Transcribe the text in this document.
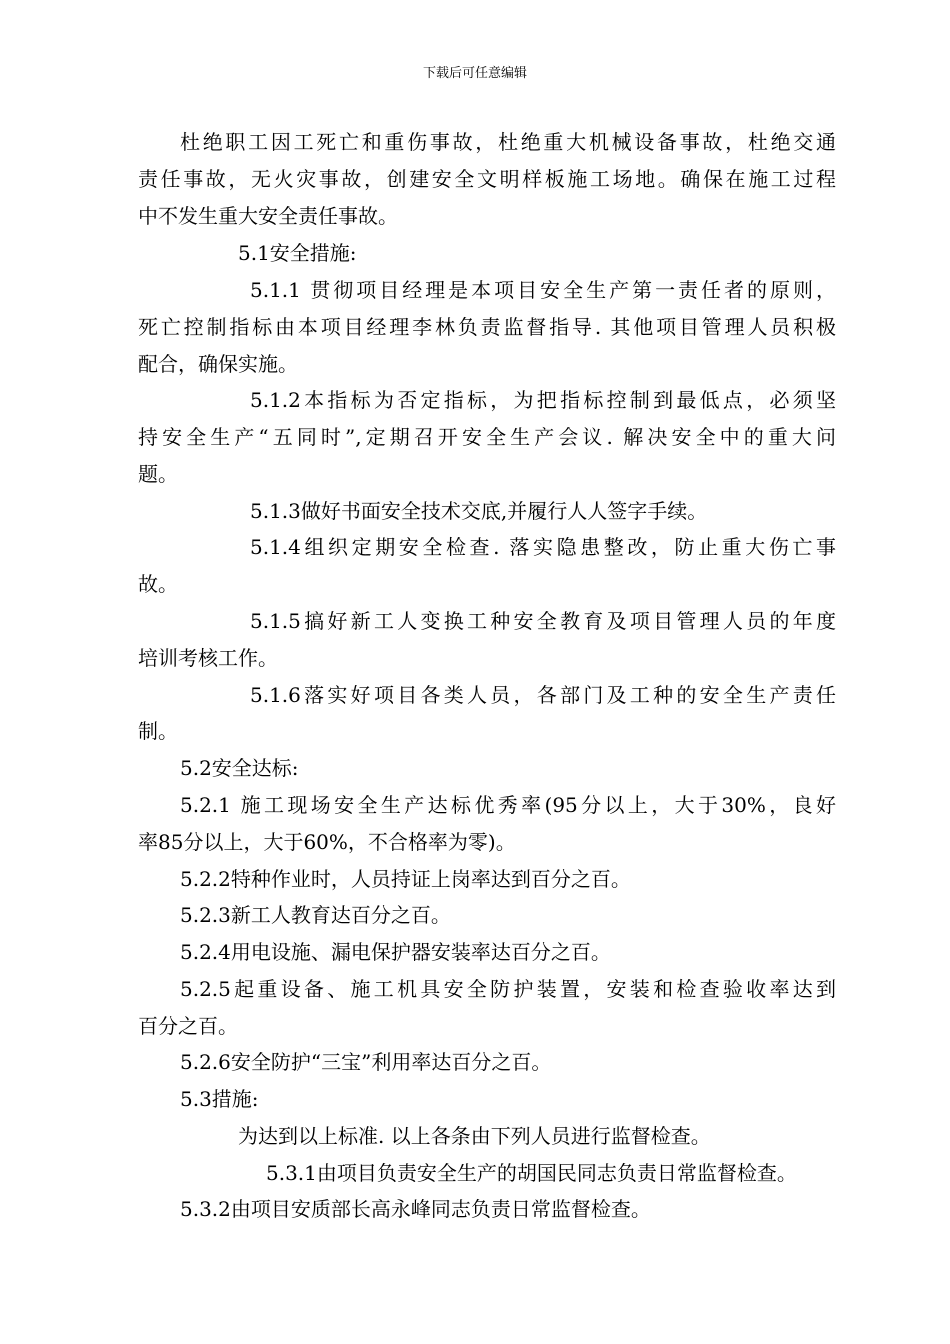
下载后可任意编辑
杜绝职工因工死亡和重伤事故，杜绝重大机械设备事故，杜绝交通
责任事故，无火灾事故，创建安全文明样板施工场地。确保在施工过程
中不发生重大安全责任事故。
5.1安全措施:
5.1.1 贯彻项目经理是本项目安全生产第一责任者的原则，
死亡控制指标由本项目经理李林负责监督指导. 其他项目管理人员积极
配合，确保实施。
5.1.2本指标为否定指标，为把指标控制到最低点，必须坚
持安全生产“五同时”,定期召开安全生产会议. 解决安全中的重大问
题。
5.1.3做好书面安全技术交底,并履行人人签字手续。
5.1.4组织定期安全检查. 落实隐患整改，防止重大伤亡事
故。
5.1.5搞好新工人变换工种安全教育及项目管理人员的年度
培训考核工作。
5.1.6落实好项目各类人员，各部门及工种的安全生产责任
制。
5.2安全达标:
5.2.1 施工现场安全生产达标优秀率(95分以上，大于30%，良好
率85分以上，大于60%，不合格率为零)。
5.2.2特种作业时，人员持证上岗率达到百分之百。
5.2.3新工人教育达百分之百。
5.2.4用电设施、漏电保护器安装率达百分之百。
5.2.5起重设备、施工机具安全防护装置，安装和检查验收率达到
百分之百。
5.2.6安全防护“三宝”利用率达百分之百。
5.3措施:
为达到以上标准. 以上各条由下列人员进行监督检查。
5.3.1由项目负责安全生产的胡国民同志负责日常监督检查。
5.3.2由项目安质部长高永峰同志负责日常监督检查。
